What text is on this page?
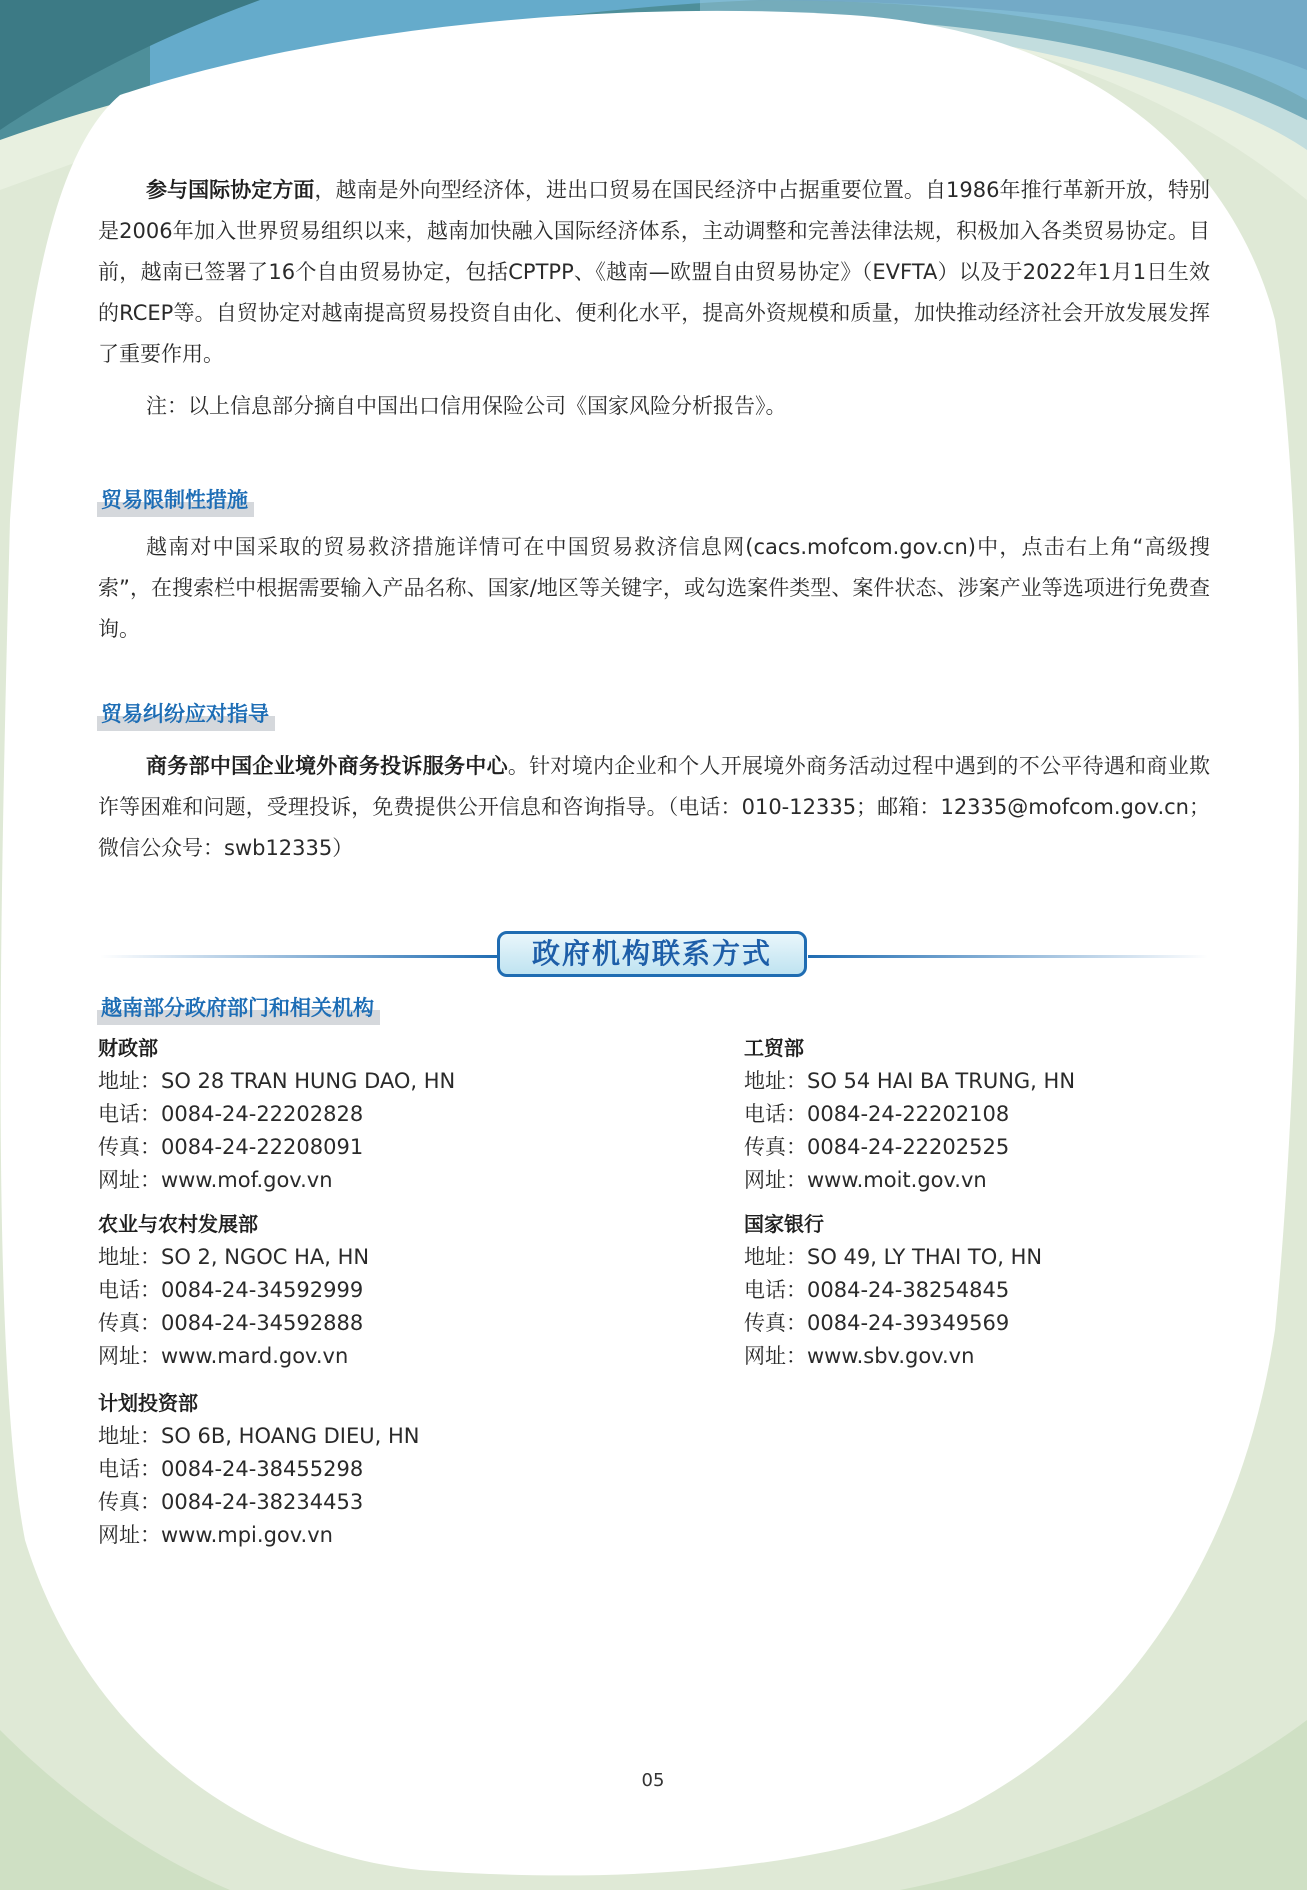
参与国际协定方面，越南是外向型经济体，进出口贸易在国民经济中占据重要位置。自1986年推行革新开放，特别是2006年加入世界贸易组织以来，越南加快融入国际经济体系，主动调整和完善法律法规，积极加入各类贸易协定。目前，越南已签署了16个自由贸易协定，包括CPTPP、《越南—欧盟自由贸易协定》（EVFTA）以及于2022年1月1日生效的RCEP等。自贸协定对越南提高贸易投资自由化、便利化水平，提高外资规模和质量，加快推动经济社会开放发展发挥了重要作用。

注：以上信息部分摘自中国出口信用保险公司《国家风险分析报告》。

贸易限制性措施

越南对中国采取的贸易救济措施详情可在中国贸易救济信息网(cacs.mofcom.gov.cn)中，点击右上角“高级搜索”，在搜索栏中根据需要输入产品名称、国家/地区等关键字，或勾选案件类型、案件状态、涉案产业等选项进行免费查询。

贸易纠纷应对指导

商务部中国企业境外商务投诉服务中心。针对境内企业和个人开展境外商务活动过程中遇到的不公平待遇和商业欺诈等困难和问题，受理投诉，免费提供公开信息和咨询指导。（电话：010-12335；邮箱：12335@mofcom.gov.cn；微信公众号：swb12335）

政府机构联系方式
越南部分政府部门和相关机构

财政部

地址：SO 28 TRAN HUNG DAO, HN

电话：0084-24-22202828

传真：0084-24-22208091

网址：www.mof.gov.vn

农业与农村发展部

地址：SO 2, NGOC HA, HN

电话：0084-24-34592999

传真：0084-24-34592888

网址：www.mard.gov.vn

计划投资部

地址：SO 6B, HOANG DIEU, HN

电话：0084-24-38455298

传真：0084-24-38234453

网址：www.mpi.gov.vn

工贸部

地址：SO 54 HAI BA TRUNG, HN

电话：0084-24-22202108

传真：0084-24-22202525

网址：www.moit.gov.vn

国家银行

地址：SO 49, LY THAI TO, HN

电话：0084-24-38254845

传真：0084-24-39349569

网址：www.sbv.gov.vn

05
